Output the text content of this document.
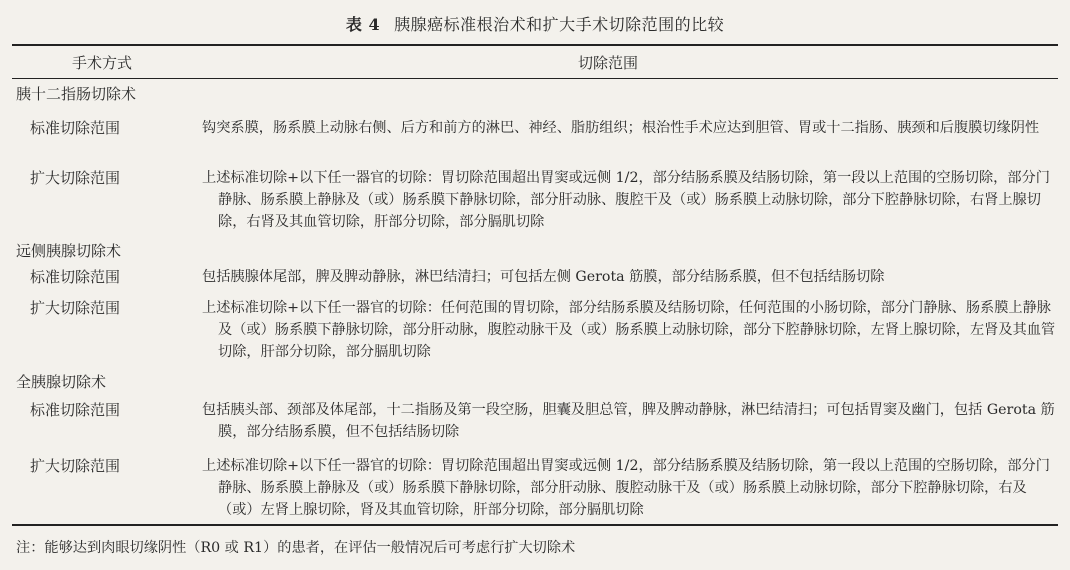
表 4 胰腺癌标准根治术和扩大手术切除范围的比较
手术方式	切除范围
胰十二指肠切除术
标准切除范围	钩突系膜，肠系膜上动脉右侧、后方和前方的淋巴、神经、脂肪组织；根治性手术应达到胆管、胃或十二指肠、胰颈和后腹膜切缘阴性
扩大切除范围	上述标准切除+以下任一器官的切除：胃切除范围超出胃窦或远侧 1/2，部分结肠系膜及结肠切除，第一段以上范围的空肠切除，部分门静脉、肠系膜上静脉及（或）肠系膜下静脉切除，部分肝动脉、腹腔干及（或）肠系膜上动脉切除，部分下腔静脉切除，右肾上腺切除，右肾及其血管切除，肝部分切除，部分膈肌切除
远侧胰腺切除术
标准切除范围	包括胰腺体尾部，脾及脾动静脉，淋巴结清扫；可包括左侧 Gerota 筋膜，部分结肠系膜，但不包括结肠切除
扩大切除范围	上述标准切除+以下任一器官的切除：任何范围的胃切除，部分结肠系膜及结肠切除，任何范围的小肠切除，部分门静脉、肠系膜上静脉及（或）肠系膜下静脉切除，部分肝动脉，腹腔动脉干及（或）肠系膜上动脉切除，部分下腔静脉切除，左肾上腺切除，左肾及其血管切除，肝部分切除，部分膈肌切除
全胰腺切除术
标准切除范围	包括胰头部、颈部及体尾部，十二指肠及第一段空肠，胆囊及胆总管，脾及脾动静脉，淋巴结清扫；可包括胃窦及幽门，包括 Gerota 筋膜，部分结肠系膜，但不包括结肠切除
扩大切除范围	上述标准切除+以下任一器官的切除：胃切除范围超出胃窦或远侧 1/2，部分结肠系膜及结肠切除，第一段以上范围的空肠切除，部分门静脉、肠系膜上静脉及（或）肠系膜下静脉切除，部分肝动脉、腹腔动脉干及（或）肠系膜上动脉切除，部分下腔静脉切除，右及（或）左肾上腺切除，肾及其血管切除，肝部分切除，部分膈肌切除
注：能够达到肉眼切缘阴性（R0 或 R1）的患者，在评估一般情况后可考虑行扩大切除术
